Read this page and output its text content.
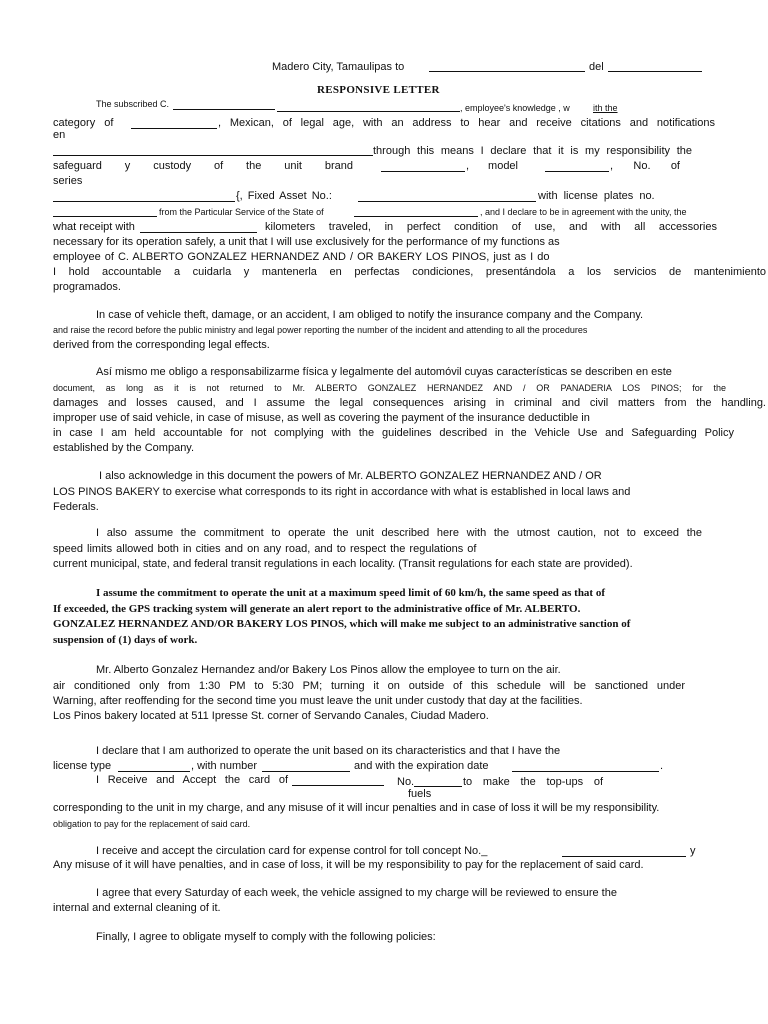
Madero City, Tamaulipas to	del
RESPONSIVE LETTER
The subscribed C.	, employee's knowledge , w	ith the
category of	, Mexican, of legal age, with an address to hear and receive citations and notifications
en
through this means I declare that it is my responsibility the
safeguard y custody of the unit brand	, model	, No. of
series
{, Fixed Asset No.:	with license plates no.
from the Particular Service of the State of	, and I declare to be in agreement with the unity, the
what receipt with	kilometers traveled, in perfect condition of use, and with all accessories
necessary for its operation safely, a unit that I will use exclusively for the performance of my functions as
employee of C. ALBERTO GONZALEZ HERNANDEZ AND / OR BAKERY LOS PINOS, just as I do
I hold accountable a cuidarla y mantenerla en perfectas condiciones, presentándola a los servicios de mantenimiento
programados.
In case of vehicle theft, damage, or an accident, I am obliged to notify the insurance company and the Company.
and raise the record before the public ministry and legal power reporting the number of the incident and attending to all the procedures
derived from the corresponding legal effects.
Así mismo me obligo a responsabilizarme física y legalmente del automóvil cuyas características se describen en este
document, as long as it is not returned to Mr. ALBERTO GONZALEZ HERNANDEZ AND / OR PANADERIA LOS PINOS; for the
damages and losses caused, and I assume the legal consequences arising in criminal and civil matters from the handling.
improper use of said vehicle, in case of misuse, as well as covering the payment of the insurance deductible in
in case I am held accountable for not complying with the guidelines described in the Vehicle Use and Safeguarding Policy
established by the Company.
I also acknowledge in this document the powers of Mr. ALBERTO GONZALEZ HERNANDEZ AND / OR
LOS PINOS BAKERY to exercise what corresponds to its right in accordance with what is established in local laws and
Federals.
I also assume the commitment to operate the unit described here with the utmost caution, not to exceed the
speed limits allowed both in cities and on any road, and to respect the regulations of
current municipal, state, and federal transit regulations in each locality. (Transit regulations for each state are provided).
I assume the commitment to operate the unit at a maximum speed limit of 60 km/h, the same speed as that of
If exceeded, the GPS tracking system will generate an alert report to the administrative office of Mr. ALBERTO.
GONZALEZ HERNANDEZ AND/OR BAKERY LOS PINOS, which will make me subject to an administrative sanction of
suspension of (1) days of work.
Mr. Alberto Gonzalez Hernandez and/or Bakery Los Pinos allow the employee to turn on the air.
air conditioned only from 1:30 PM to 5:30 PM; turning it on outside of this schedule will be sanctioned under
Warning, after reoffending for the second time you must leave the unit under custody that day at the facilities.
Los Pinos bakery located at 511 Ipresse St. corner of Servando Canales, Ciudad Madero.
I declare that I am authorized to operate the unit based on its characteristics and that I have the
license type	, with number	and with the expiration date	.
I Receive and Accept the card of	No.	to make the top-ups of
fuels
corresponding to the unit in my charge, and any misuse of it will incur penalties and in case of loss it will be my responsibility.
obligation to pay for the replacement of said card.
I receive and accept the circulation card for expense control for toll concept No._	y
Any misuse of it will have penalties, and in case of loss, it will be my responsibility to pay for the replacement of said card.
I agree that every Saturday of each week, the vehicle assigned to my charge will be reviewed to ensure the
internal and external cleaning of it.
Finally, I agree to obligate myself to comply with the following policies:
